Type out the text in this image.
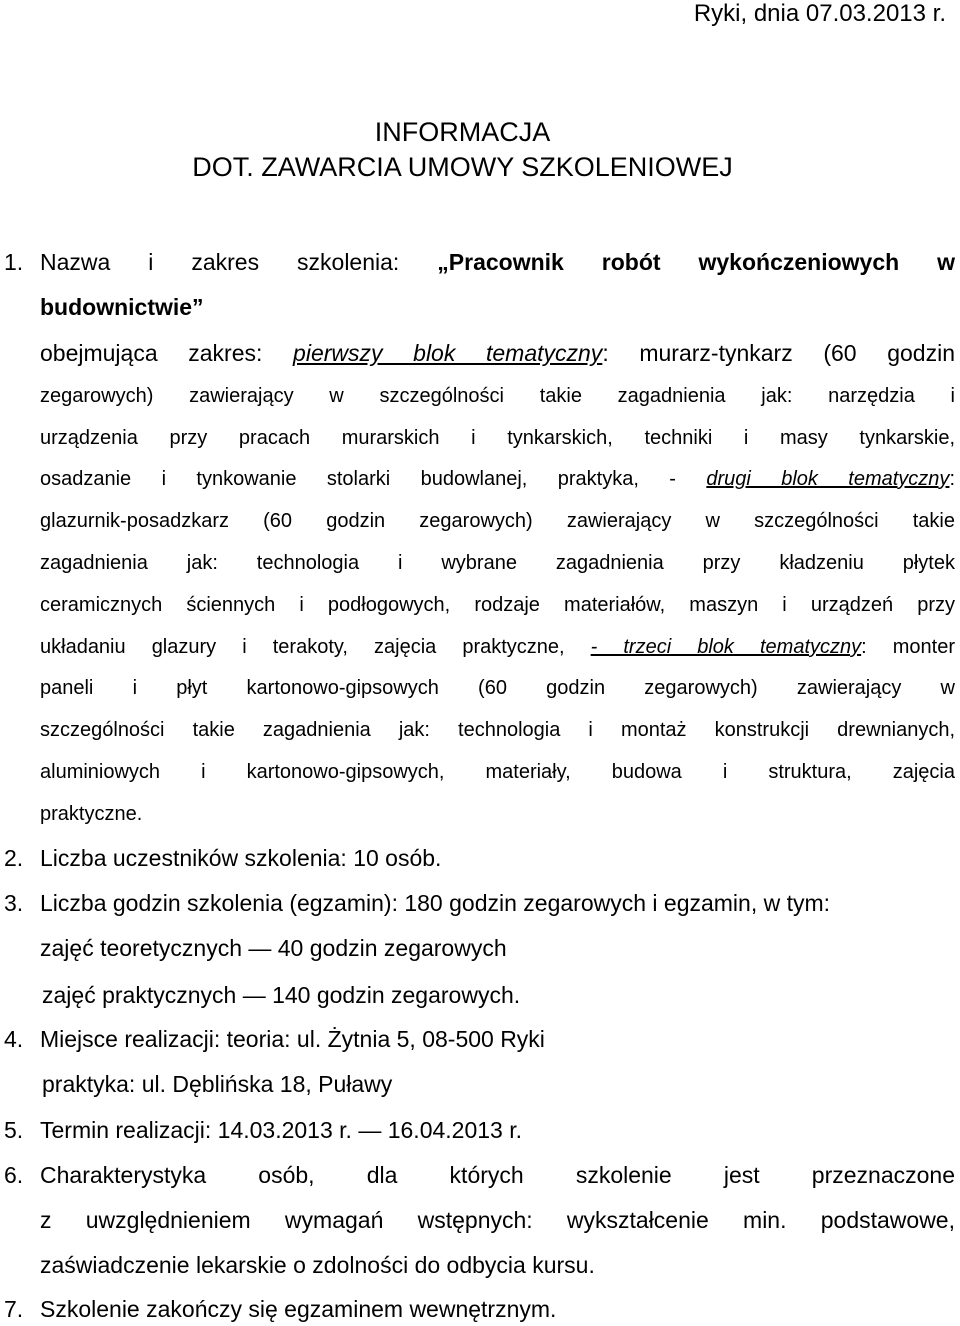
Ryki, dnia 07.03.2013 r.
INFORMACJA
DOT. ZAWARCIA UMOWY SZKOLENIOWEJ
1. Nazwa i zakres szkolenia: „Pracownik robót wykończeniowych w
budownictwie”
obejmująca zakres: pierwszy blok tematyczny: murarz-tynkarz (60 godzin
zegarowych) zawierający w szczególności takie zagadnienia jak: narzędzia i
urządzenia przy pracach murarskich i tynkarskich, techniki i masy tynkarskie,
osadzanie i tynkowanie stolarki budowlanej, praktyka, - drugi blok tematyczny:
glazurnik-posadzkarz (60 godzin zegarowych) zawierający w szczególności takie
zagadnienia jak: technologia i wybrane zagadnienia przy kładzeniu płytek
ceramicznych ściennych i podłogowych, rodzaje materiałów, maszyn i urządzeń przy
układaniu glazury i terakoty, zajęcia praktyczne, - trzeci blok tematyczny: monter
paneli i płyt kartonowo-gipsowych (60 godzin zegarowych) zawierający w
szczególności takie zagadnienia jak: technologia i montaż konstrukcji drewnianych,
aluminiowych i kartonowo-gipsowych, materiały, budowa i struktura, zajęcia
praktyczne.
2. Liczba uczestników szkolenia: 10 osób.
3. Liczba godzin szkolenia (egzamin): 180 godzin zegarowych i egzamin, w tym:
zajęć teoretycznych — 40 godzin zegarowych
zajęć praktycznych — 140 godzin zegarowych.
4. Miejsce realizacji: teoria: ul. Żytnia 5, 08-500 Ryki
praktyka: ul. Dęblińska 18, Puławy
5. Termin realizacji: 14.03.2013 r. — 16.04.2013 r.
6. Charakterystyka osób, dla których szkolenie jest przeznaczone
z uwzględnieniem wymagań wstępnych: wykształcenie min. podstawowe,
zaświadczenie lekarskie o zdolności do odbycia kursu.
7. Szkolenie zakończy się egzaminem wewnętrznym.
